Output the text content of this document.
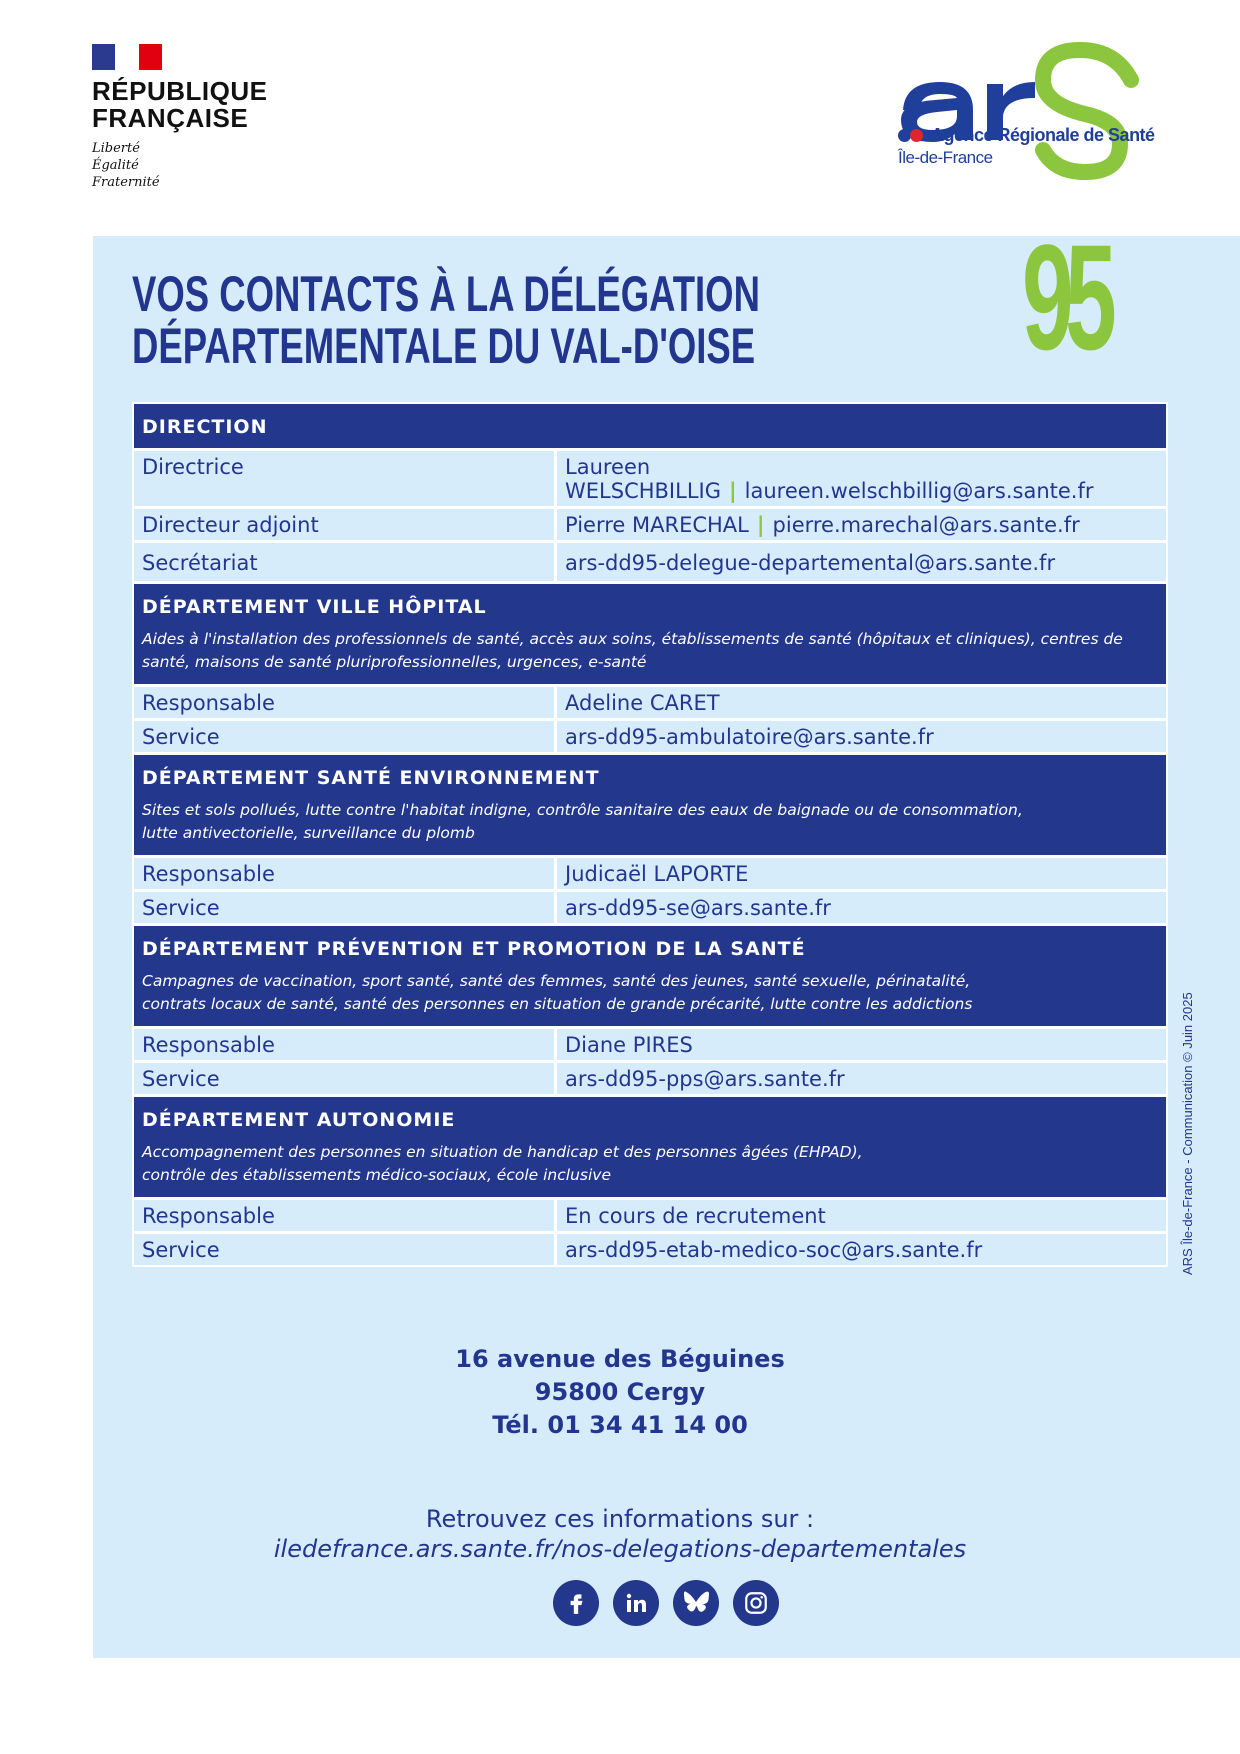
RÉPUBLIQUE
FRANÇAISE
Liberté
Égalité
Fraternité
Agence Régionale de Santé
Île-de-France
95
VOS CONTACTS À LA DÉLÉGATION
DÉPARTEMENTALE DU VAL-D'OISE
ARS Île-de-France - Communication © Juin 2025
DIRECTION
Directrice	Laureen WELSCHBILLIG | laureen.welschbillig@ars.sante.fr
Directeur adjoint	Pierre MARECHAL | pierre.marechal@ars.sante.fr
Secrétariat	ars-dd95-delegue-departemental@ars.sante.fr
DÉPARTEMENT VILLE HÔPITAL
Aides à l'installation des professionnels de santé, accès aux soins, établissements de santé (hôpitaux et cliniques), centres de
santé, maisons de santé pluriprofessionnelles, urgences, e-santé
Responsable	Adeline CARET
Service	ars-dd95-ambulatoire@ars.sante.fr
DÉPARTEMENT SANTÉ ENVIRONNEMENT
Sites et sols pollués, lutte contre l'habitat indigne, contrôle sanitaire des eaux de baignade ou de consommation,
lutte antivectorielle, surveillance du plomb
Responsable	Judicaël LAPORTE
Service	ars-dd95-se@ars.sante.fr
DÉPARTEMENT PRÉVENTION ET PROMOTION DE LA SANTÉ
Campagnes de vaccination, sport santé, santé des femmes, santé des jeunes, santé sexuelle, périnatalité,
contrats locaux de santé, santé des personnes en situation de grande précarité, lutte contre les addictions
Responsable	Diane PIRES
Service	ars-dd95-pps@ars.sante.fr
DÉPARTEMENT AUTONOMIE
Accompagnement des personnes en situation de handicap et des personnes âgées (EHPAD),
contrôle des établissements médico-sociaux, école inclusive
Responsable	En cours de recrutement
Service	ars-dd95-etab-medico-soc@ars.sante.fr
16 avenue des Béguines
95800 Cergy
Tél. 01 34 41 14 00
Retrouvez ces informations sur :
iledefrance.ars.sante.fr/nos-delegations-departementales
